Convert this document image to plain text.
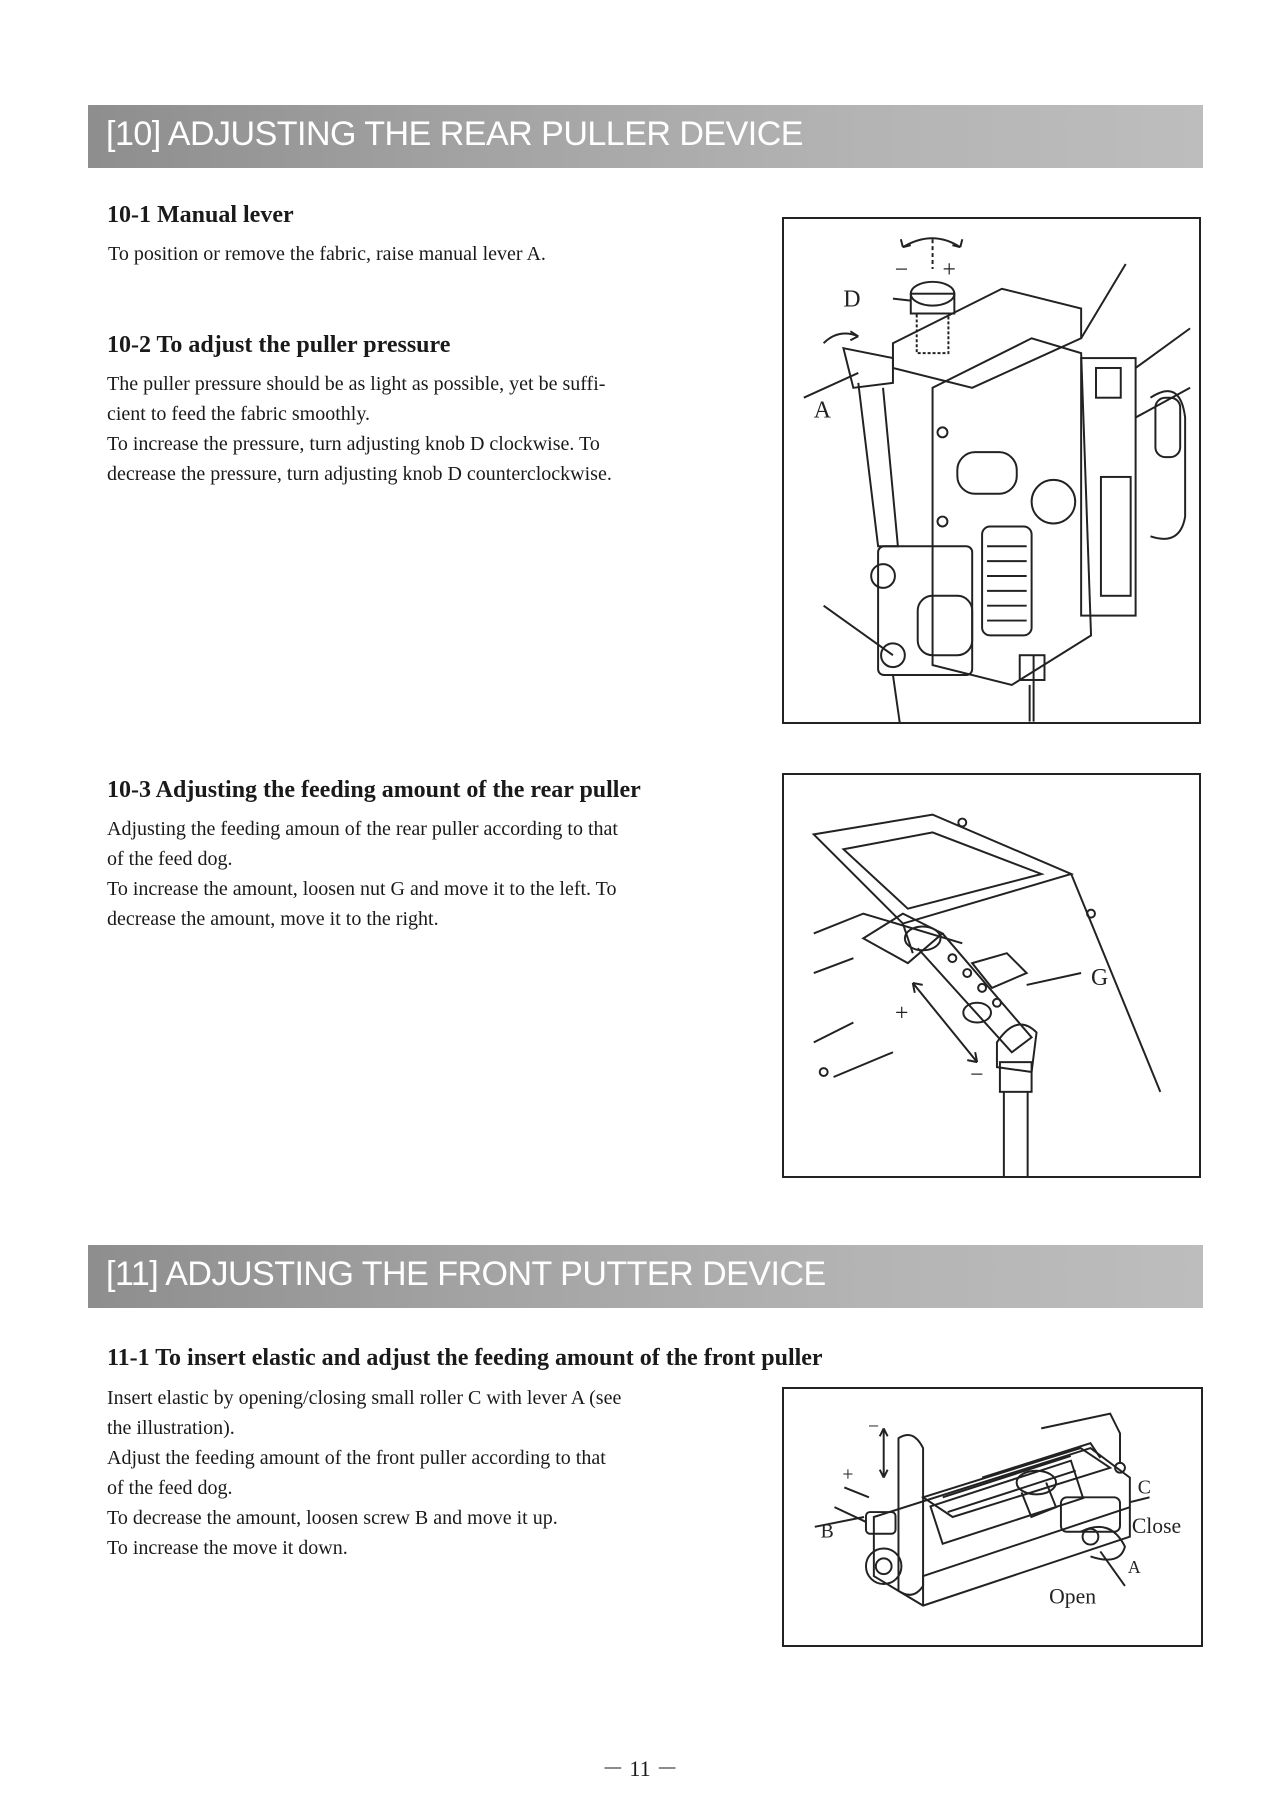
[10] ADJUSTING THE REAR PULLER DEVICE
10-1 Manual lever

To position or remove the fabric, raise manual lever A.

10-2 To adjust the puller pressure

The puller pressure should be as light as possible, yet be suffi-

cient to feed the fabric smoothly.

To increase the pressure, turn adjusting knob D clockwise. To

decrease the pressure, turn adjusting knob D counterclockwise.

D
A
+
−
10-3 Adjusting the feeding amount of the rear puller

Adjusting the feeding amoun of the rear puller according to that

of the feed dog.

To increase the amount, loosen nut G and move it to the left. To

decrease the amount, move it to the right.

G
+
−
[11] ADJUSTING THE FRONT PUTTER DEVICE
11-1 To insert elastic and adjust the feeding amount of the front puller

Insert elastic by opening/closing small roller C with lever A (see

the illustration).

Adjust the feeding amount of the front puller according to that

of the feed dog.

To decrease the amount, loosen screw B and move it up.

To increase the move it down.

+
−
B
C
Close
A
Open
－ 11 －
